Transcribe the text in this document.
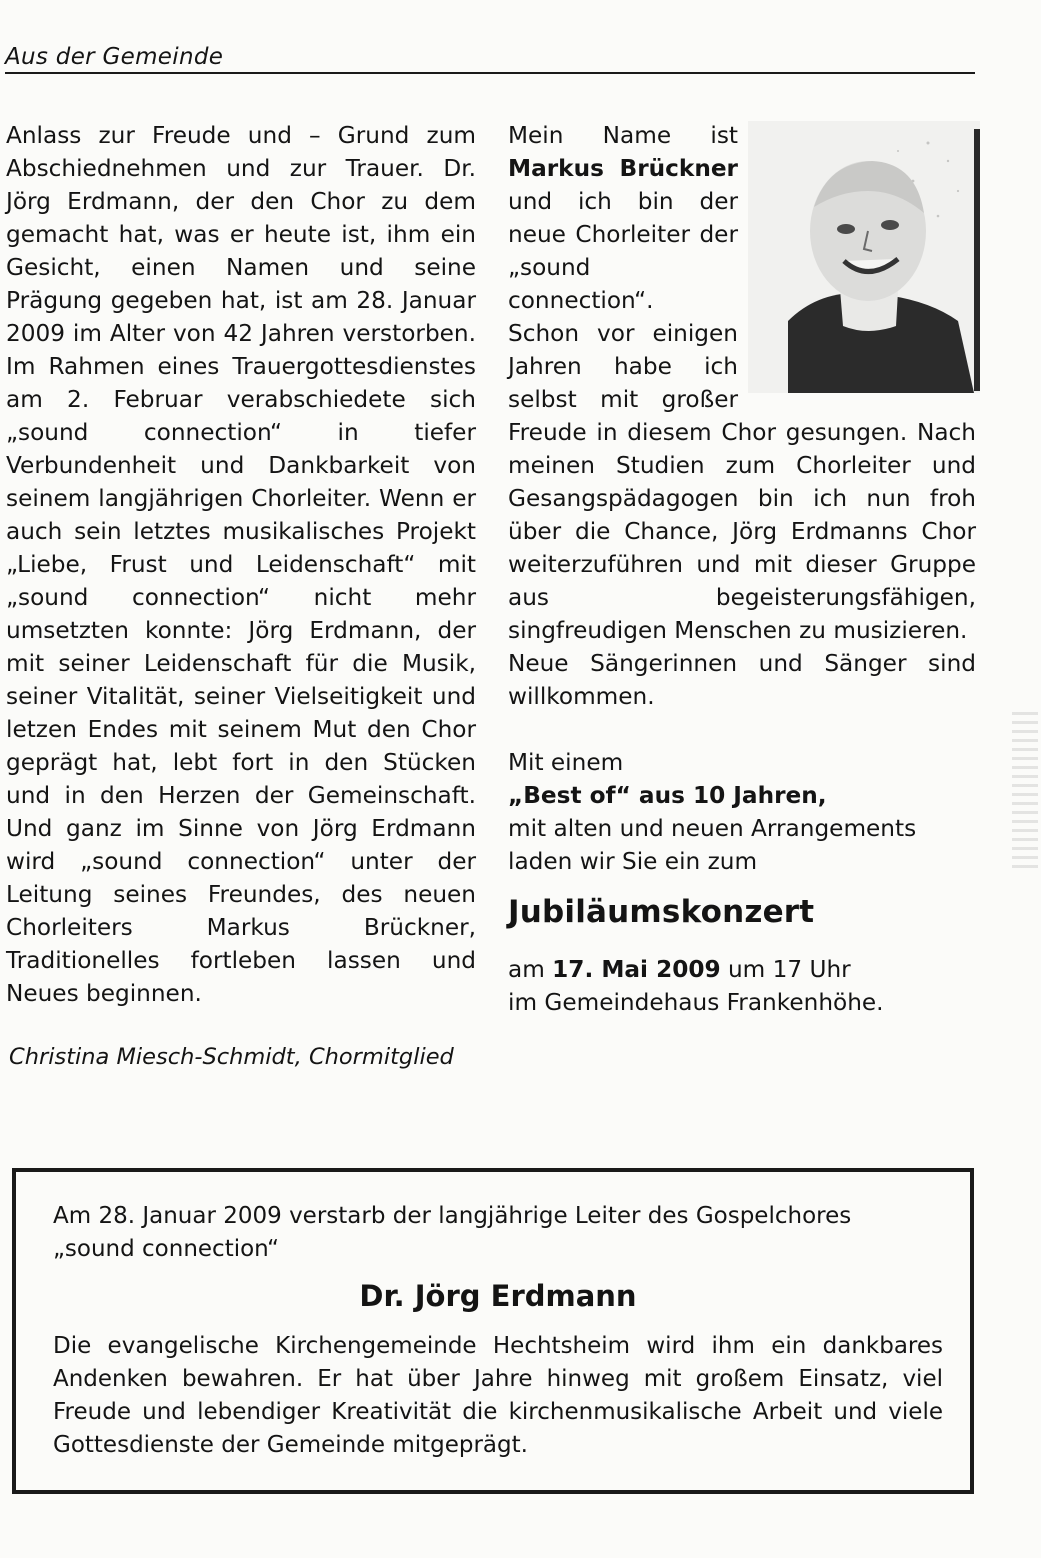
Aus der Gemeinde

Anlass zur Freude und – Grund zum Abschiednehmen und zur Trauer. Dr. Jörg Erdmann, der den Chor zu dem gemacht hat, was er heute ist, ihm ein Gesicht, einen Namen und seine Prägung gegeben hat, ist am 28. Januar 2009 im Alter von 42 Jahren verstorben. Im Rahmen eines Trauergottesdienstes am 2. Februar verabschiedete sich „sound connection“ in tiefer Verbundenheit und Dankbarkeit von seinem langjährigen Chorleiter. Wenn er auch sein letztes musikalisches Projekt „Liebe, Frust und Leidenschaft“ mit „sound connection“ nicht mehr umsetzten konnte: Jörg Erdmann, der mit seiner Leidenschaft für die Musik, seiner Vitalität, seiner Vielseitigkeit und letzen Endes mit seinem Mut den Chor geprägt hat, lebt fort in den Stücken und in den Herzen der Gemeinschaft. Und ganz im Sinne von Jörg Erdmann wird „sound connection“ unter der Leitung seines Freundes, des neuen Chorleiters Markus Brückner, Traditionelles fortleben lassen und Neues beginnen.

Christina Miesch-Schmidt, Chormitglied

Mein Name ist Markus Brückner und ich bin der neue Chorleiter der „sound connection“.

Schon vor einigen Jahren habe ich selbst mit großer Freude in diesem Chor gesungen. Nach meinen Studien zum Chorleiter und Gesangspädagogen bin ich nun froh über die Chance, Jörg Erdmanns Chor weiterzuführen und mit dieser Gruppe aus begeisterungsfähigen, singfreudigen Menschen zu musizieren.

Neue Sängerinnen und Sänger sind willkommen.

Mit einem

„Best of“ aus 10 Jahren,

mit alten und neuen Arrangements

laden wir Sie ein zum

Jubiläumskonzert

am 17. Mai 2009 um 17 Uhr

im Gemeindehaus Frankenhöhe.

Am 28. Januar 2009 verstarb der langjährige Leiter des Gospelchores
„sound connection“
Dr. Jörg Erdmann
Die evangelische Kirchengemeinde Hechtsheim wird ihm ein dankbares Andenken bewahren. Er hat über Jahre hinweg mit großem Einsatz, viel Freude und lebendiger Kreativität die kirchenmusikalische Arbeit und viele Gottesdienste der Gemeinde mitgeprägt.
